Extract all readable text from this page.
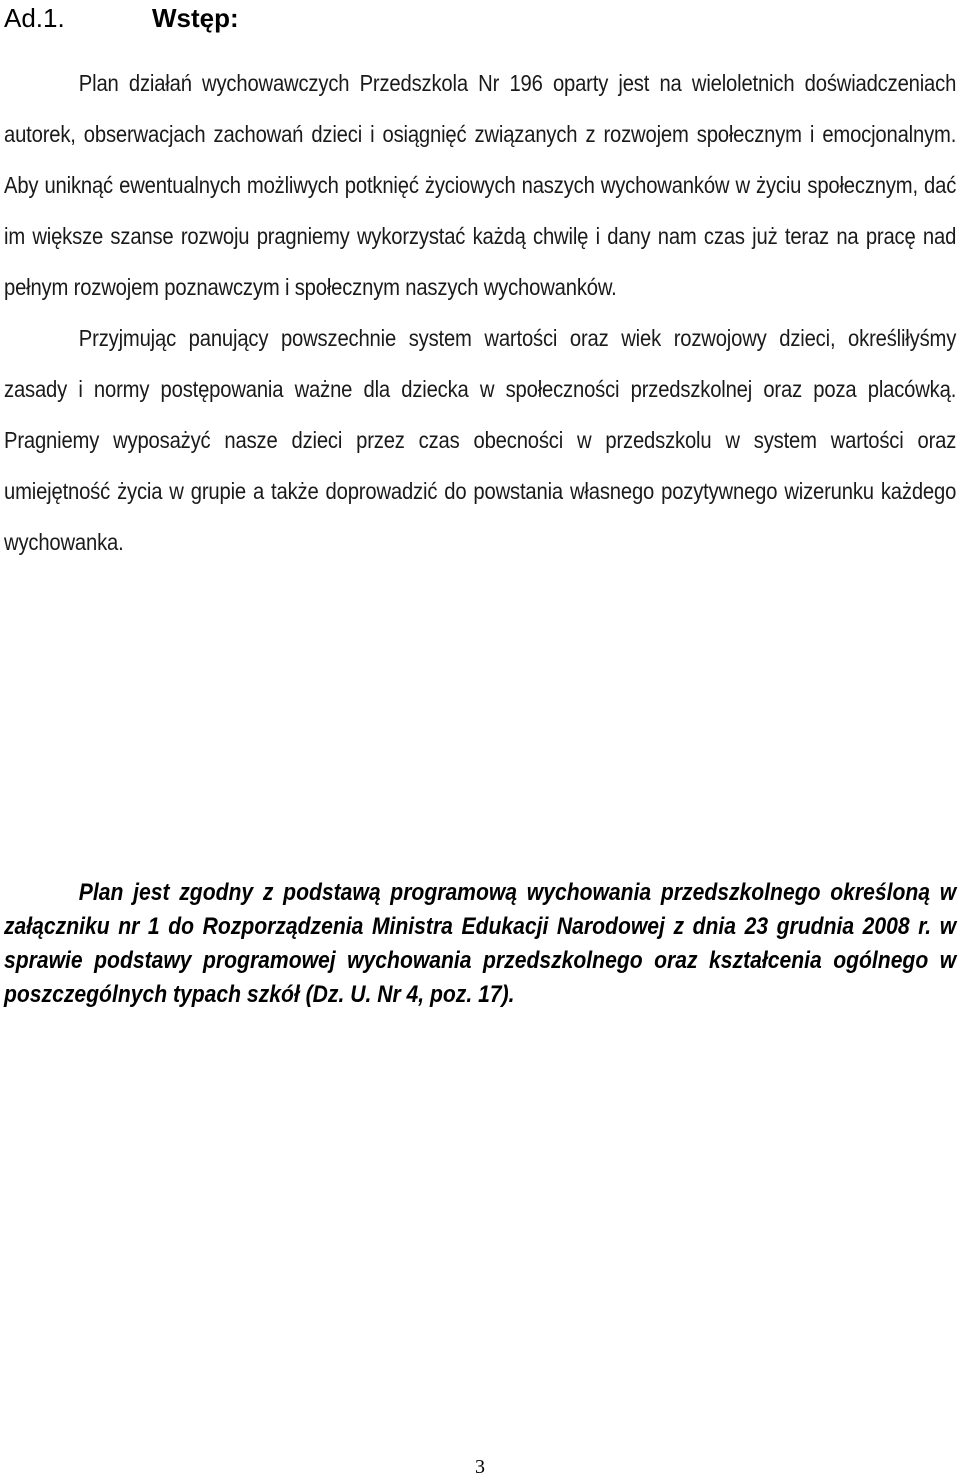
Ad.1.	Wstęp:

Plan działań wychowawczych Przedszkola Nr 196 oparty jest na wieloletnich doświadczeniach autorek, obserwacjach zachowań dzieci i osiągnięć związanych z rozwojem społecznym i emocjonalnym. Aby uniknąć ewentualnych możliwych potknięć życiowych naszych wychowanków w życiu społecznym, dać im większe szanse rozwoju pragniemy wykorzystać każdą chwilę i dany nam czas już teraz na pracę nad pełnym rozwojem poznawczym i społecznym naszych wychowanków.

Przyjmując panujący powszechnie system wartości oraz wiek rozwojowy dzieci, określiłyśmy zasady i normy postępowania ważne dla dziecka w społeczności przedszkolnej oraz poza placówką. Pragniemy wyposażyć nasze dzieci przez czas obecności w przedszkolu w system wartości oraz umiejętność życia w grupie a także doprowadzić do powstania własnego pozytywnego wizerunku każdego wychowanka.

Plan jest zgodny z podstawą programową wychowania przedszkolnego określoną w załączniku nr 1 do Rozporządzenia Ministra Edukacji Narodowej z dnia 23 grudnia 2008 r. w sprawie podstawy programowej wychowania przedszkolnego oraz kształcenia ogólnego w poszczególnych typach szkół (Dz. U. Nr 4, poz. 17).

3
